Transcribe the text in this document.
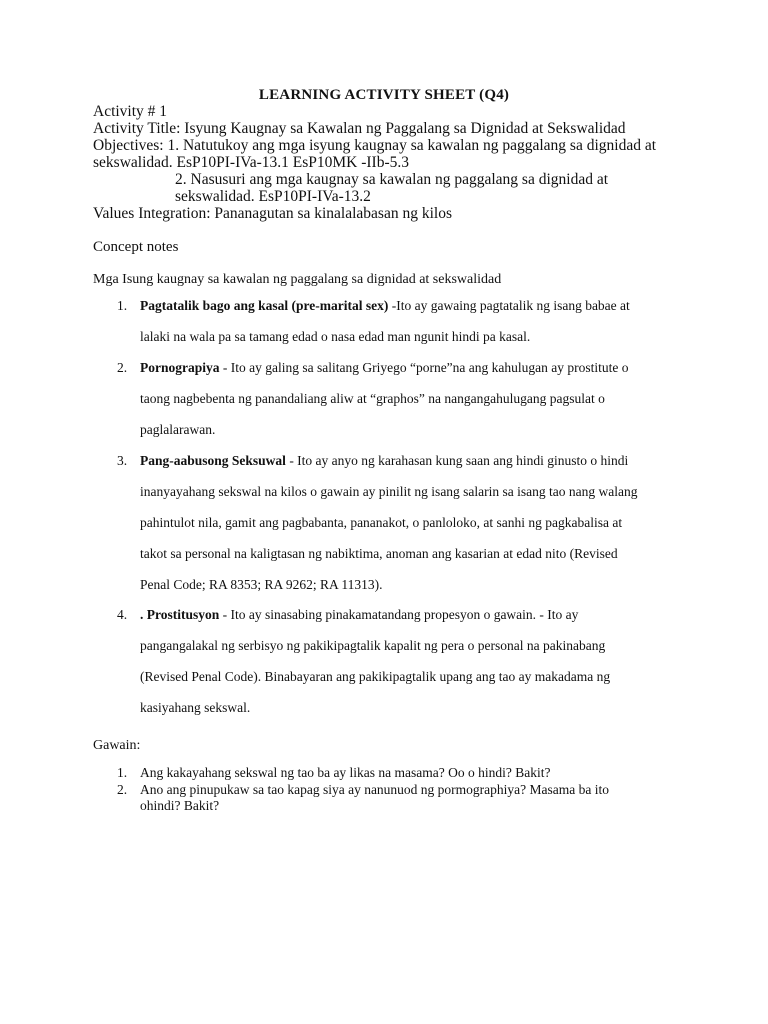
LEARNING ACTIVITY SHEET (Q4)
Activity # 1
Activity Title: Isyung Kaugnay sa Kawalan ng Paggalang sa Dignidad at Sekswalidad
Objectives: 1. Natutukoy ang mga isyung kaugnay sa kawalan ng paggalang sa dignidad at
sekswalidad. EsP10PI-IVa-13.1 EsP10MK -IIb-5.3
2. Nasusuri ang mga kaugnay sa kawalan ng paggalang sa dignidad at
sekswalidad. EsP10PI-IVa-13.2
Values Integration: Pananagutan sa kinalalabasan ng kilos
Concept notes
Mga Isung kaugnay sa kawalan ng paggalang sa dignidad at sekswalidad
1. Pagtatalik bago ang kasal (pre-marital sex) -Ito ay gawaing pagtatalik ng isang babae at
lalaki na wala pa sa tamang edad o nasa edad man ngunit hindi pa kasal.
2. Pornograpiya - Ito ay galing sa salitang Griyego “porne”na ang kahulugan ay prostitute o
taong nagbebenta ng panandaliang aliw at “graphos” na nangangahulugang pagsulat o
paglalarawan.
3. Pang-aabusong Seksuwal - Ito ay anyo ng karahasan kung saan ang hindi ginusto o hindi
inanyayahang sekswal na kilos o gawain ay pinilit ng isang salarin sa isang tao nang walang
pahintulot nila, gamit ang pagbabanta, pananakot, o panloloko, at sanhi ng pagkabalisa at
takot sa personal na kaligtasan ng nabiktima, anoman ang kasarian at edad nito (Revised
Penal Code; RA 8353; RA 9262; RA 11313).
4. . Prostitusyon - Ito ay sinasabing pinakamatandang propesyon o gawain. - Ito ay
pangangalakal ng serbisyo ng pakikipagtalik kapalit ng pera o personal na pakinabang
(Revised Penal Code). Binabayaran ang pakikipagtalik upang ang tao ay makadama ng
kasiyahang sekswal.
Gawain:
1. Ang kakayahang sekswal ng tao ba ay likas na masama? Oo o hindi? Bakit?
2. Ano ang pinupukaw sa tao kapag siya ay nanunuod ng pormographiya? Masama ba ito
ohindi? Bakit?
